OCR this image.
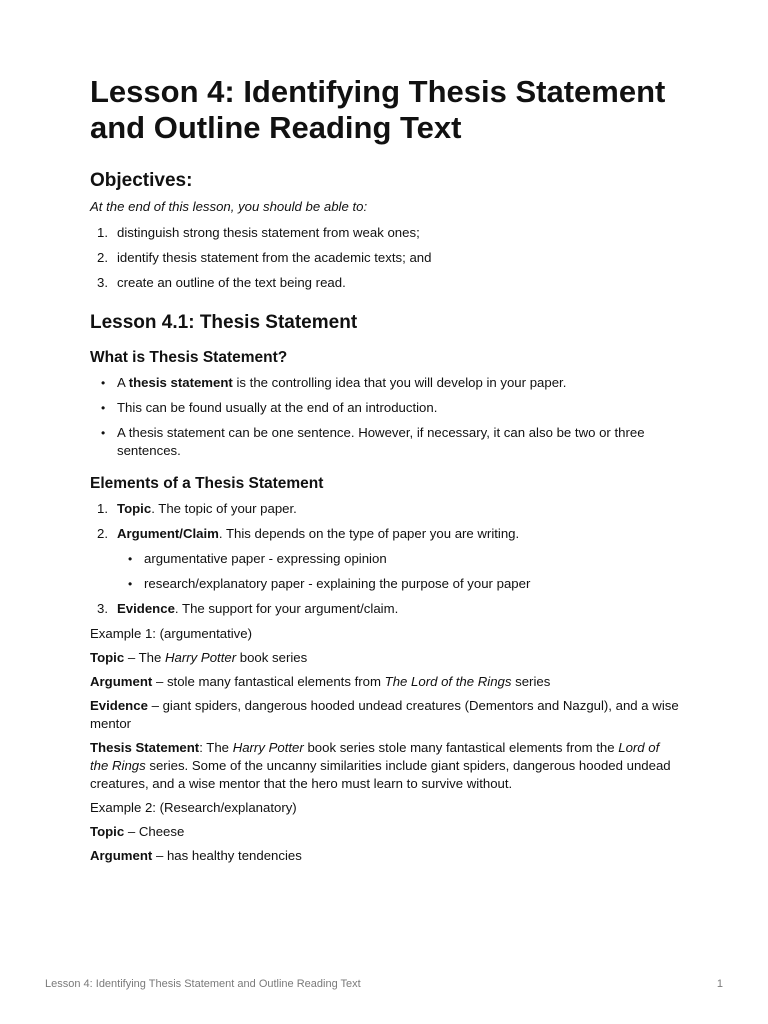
Lesson 4: Identifying Thesis Statement and Outline Reading Text
Objectives:

At the end of this lesson, you should be able to:

1. distinguish strong thesis statement from weak ones;
2. identify thesis statement from the academic texts; and
3. create an outline of the text being read.
Lesson 4.1: Thesis Statement
What is Thesis Statement?
• A thesis statement is the controlling idea that you will develop in your paper.
• This can be found usually at the end of an introduction.
• A thesis statement can be one sentence. However, if necessary, it can also be two or three sentences.
Elements of a Thesis Statement
1. Topic. The topic of your paper.
2. Argument/Claim. This depends on the type of paper you are writing.
• argumentative paper - expressing opinion
• research/explanatory paper - explaining the purpose of your paper
3. Evidence. The support for your argument/claim.

Example 1: (argumentative)

Topic – The Harry Potter book series

Argument – stole many fantastical elements from The Lord of the Rings series

Evidence – giant spiders, dangerous hooded undead creatures (Dementors and Nazgul), and a wise mentor

Thesis Statement: The Harry Potter book series stole many fantastical elements from the Lord of the Rings series. Some of the uncanny similarities include giant spiders, dangerous hooded undead creatures, and a wise mentor that the hero must learn to survive without.

Example 2: (Research/explanatory)

Topic – Cheese

Argument – has healthy tendencies

Lesson 4: Identifying Thesis Statement and Outline Reading Text	1
